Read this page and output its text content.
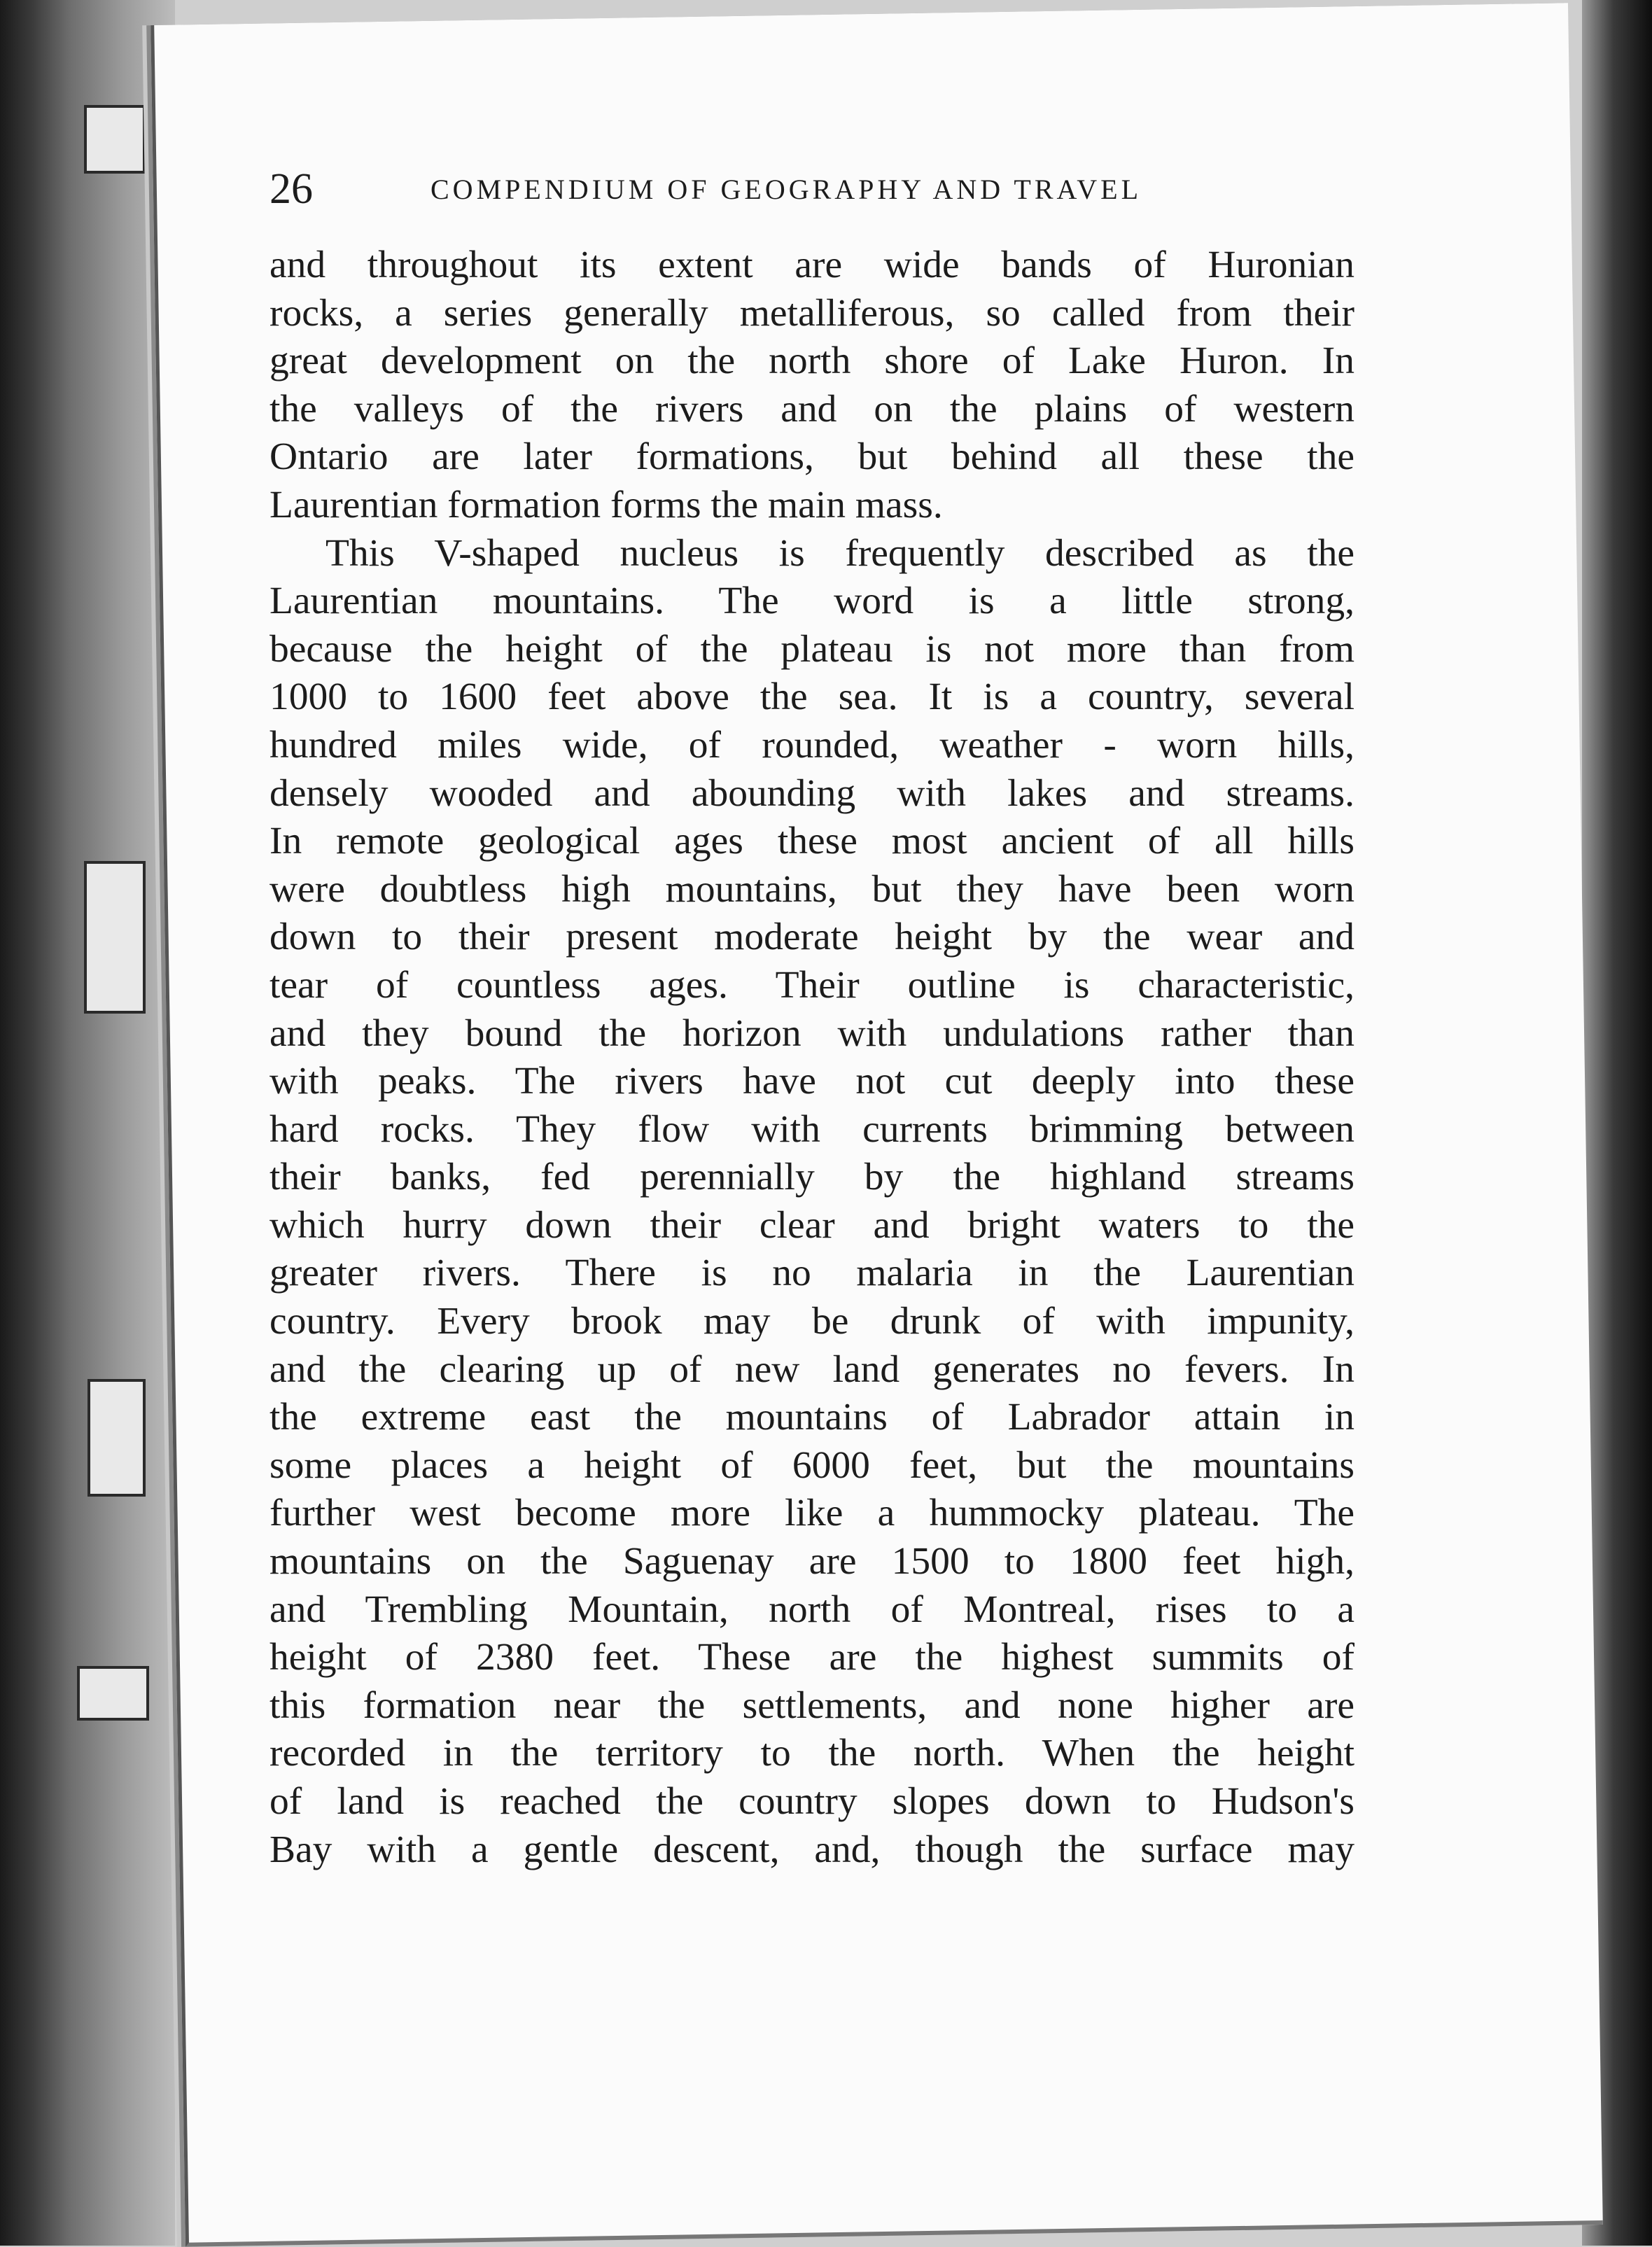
26	COMPENDIUM OF GEOGRAPHY AND TRAVEL
and throughout its extent are wide bands of Huronian
rocks, a series generally metalliferous, so called from their
great development on the north shore of Lake Huron. In
the valleys of the rivers and on the plains of western
Ontario are later formations, but behind all these the
Laurentian formation forms the main mass.
This V-shaped nucleus is frequently described as the
Laurentian mountains. The word is a little strong,
because the height of the plateau is not more than from
1000 to 1600 feet above the sea. It is a country, several
hundred miles wide, of rounded, weather - worn hills,
densely wooded and abounding with lakes and streams.
In remote geological ages these most ancient of all hills
were doubtless high mountains, but they have been worn
down to their present moderate height by the wear and
tear of countless ages. Their outline is characteristic,
and they bound the horizon with undulations rather than
with peaks. The rivers have not cut deeply into these
hard rocks. They flow with currents brimming between
their banks, fed perennially by the highland streams
which hurry down their clear and bright waters to the
greater rivers. There is no malaria in the Laurentian
country. Every brook may be drunk of with impunity,
and the clearing up of new land generates no fevers. In
the extreme east the mountains of Labrador attain in
some places a height of 6000 feet, but the mountains
further west become more like a hummocky plateau. The
mountains on the Saguenay are 1500 to 1800 feet high,
and Trembling Mountain, north of Montreal, rises to a
height of 2380 feet. These are the highest summits of
this formation near the settlements, and none higher are
recorded in the territory to the north. When the height
of land is reached the country slopes down to Hudson's
Bay with a gentle descent, and, though the surface may
